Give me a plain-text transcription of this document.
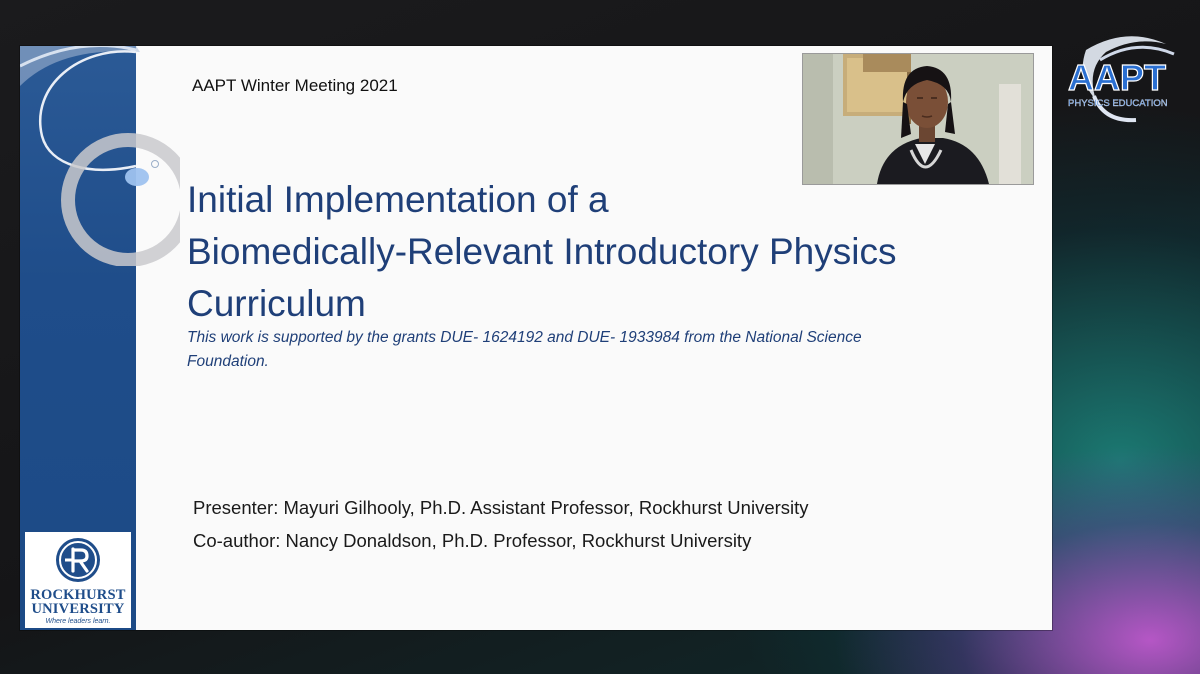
ROCKHURST
UNIVERSITY
Where leaders learn.
AAPT Winter Meeting 2021
Initial Implementation of a
Biomedically-Relevant Introductory Physics
Curriculum
This work is supported by the grants DUE- 1624192 and DUE- 1933984 from the National Science
Foundation.
Presenter: Mayuri Gilhooly, Ph.D. Assistant Professor, Rockhurst University
Co-author: Nancy Donaldson, Ph.D. Professor, Rockhurst University
AAPT
PHYSICS EDUCATION
